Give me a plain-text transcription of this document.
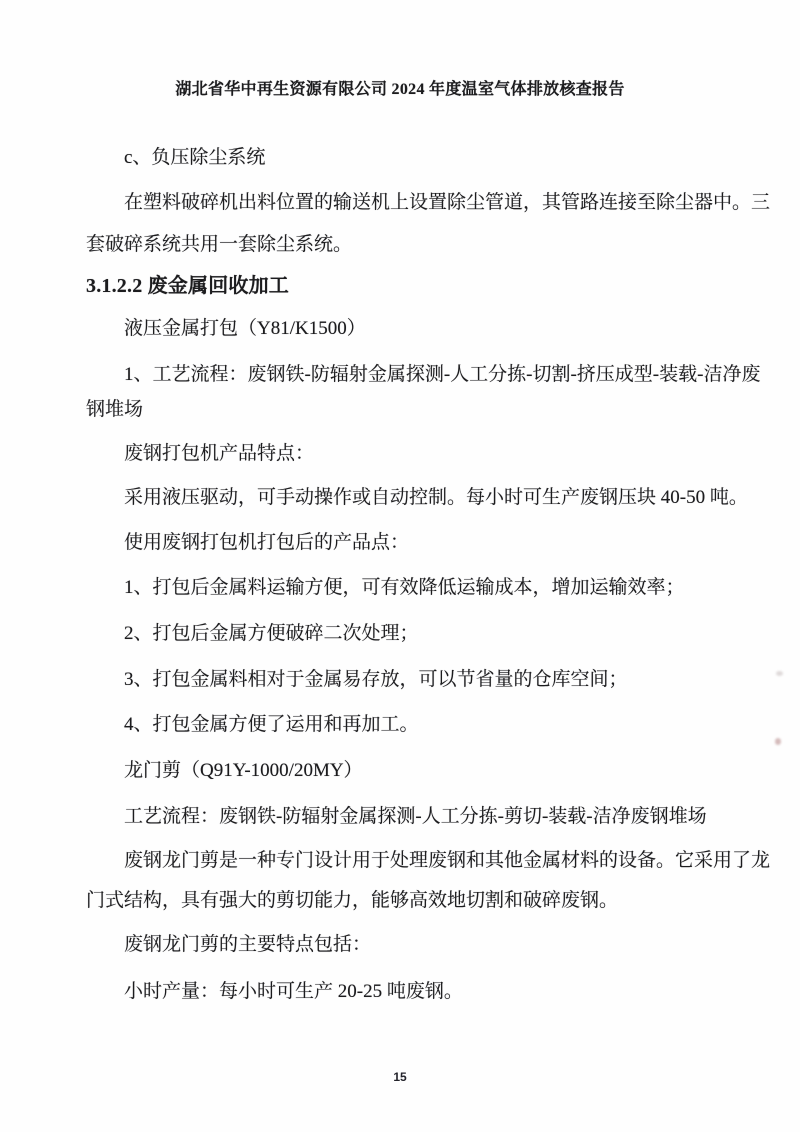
湖北省华中再生资源有限公司 2024 年度温室气体排放核查报告
c、负压除尘系统
在塑料破碎机出料位置的输送机上设置除尘管道，其管路连接至除尘器中。三
套破碎系统共用一套除尘系统。
3.1.2.2 废金属回收加工
液压金属打包（Y81/K1500）
1、工艺流程：废钢铁-防辐射金属探测-人工分拣-切割-挤压成型-装载-洁净废
钢堆场
废钢打包机产品特点：
采用液压驱动，可手动操作或自动控制。每小时可生产废钢压块 40-50 吨。
使用废钢打包机打包后的产品点：
1、打包后金属料运输方便，可有效降低运输成本，增加运输效率；
2、打包后金属方便破碎二次处理；
3、打包金属料相对于金属易存放，可以节省量的仓库空间；
4、打包金属方便了运用和再加工。
龙门剪（Q91Y-1000/20MY）
工艺流程：废钢铁-防辐射金属探测-人工分拣-剪切-装载-洁净废钢堆场
废钢龙门剪是一种专门设计用于处理废钢和其他金属材料的设备。它采用了龙
门式结构，具有强大的剪切能力，能够高效地切割和破碎废钢。
废钢龙门剪的主要特点包括：
小时产量：每小时可生产 20-25 吨废钢。
15
